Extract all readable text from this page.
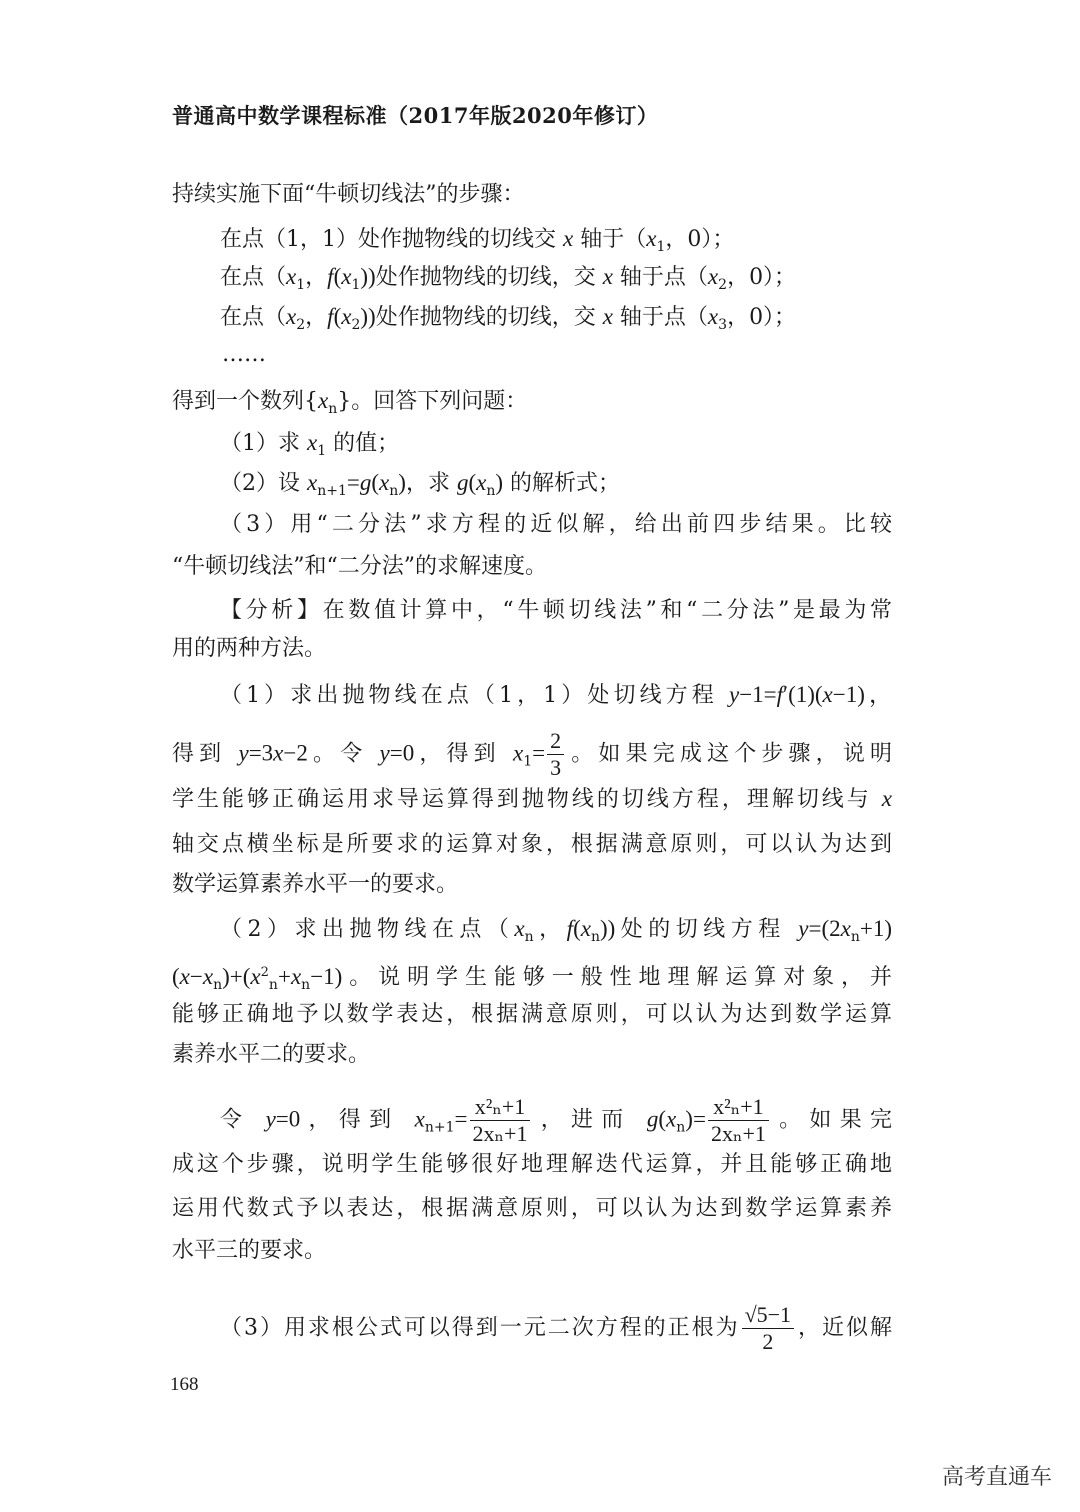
普通高中数学课程标准（2017年版2020年修订）
持续实施下面“牛顿切线法”的步骤：
在点（1，1）处作抛物线的切线交 x 轴于（$x_1$，0）；
在点（$x_1$，$f(x_1)$)处作抛物线的切线，交 x 轴于点（$x_2$，0）；
在点（$x_2$，$f(x_2)$)处作抛物线的切线，交 x 轴于点（$x_3$，0）；
……
得到一个数列$\{x_n\}$。回答下列问题：
（1）求 $x_1$ 的值；
（2）设 $x_{n+1}=g(x_n)$，求 $g(x_n)$ 的解析式；
（3）用“二分法”求方程的近似解，给出前四步结果。比较
“牛顿切线法”和“二分法”的求解速度。
【分析】在数值计算中，“牛顿切线法”和“二分法”是最为常
用的两种方法。
（1）求出抛物线在点（1，1）处切线方程 y−1=f′(1)(x−1)，
得到 y=3x−2。令 y=0，得到 $x_1= \frac{2}{3}$ 。如果完成这个步骤，说明
学生能够正确运用求导运算得到抛物线的切线方程，理解切线与 x
轴交点横坐标是所要求的运算对象，根据满意原则，可以认为达到
数学运算素养水平一的要求。
（2）求出抛物线在点（$x_n$，$f(x_n)$)处的切线方程 $y=(2x_n+1)$
$(x-x_n)+(x^2_n+x_n-1)$。说明学生能够一般性地理解运算对象，并
能够正确地予以数学表达，根据满意原则，可以认为达到数学运算
素养水平二的要求。
令 y=0，得到 $x_{n+1}= \frac{\text{x²ₙ+1}}{\text{2xₙ+1}}$ ，进而 $g(x_n)= \frac{\text{x²ₙ+1}}{\text{2xₙ+1}}$ 。如果完
成这个步骤，说明学生能够很好地理解迭代运算，并且能够正确地
运用代数式予以表达，根据满意原则，可以认为达到数学运算素养
水平三的要求。
（3）用求根公式可以得到一元二次方程的正根为 $\frac{√5-1}{2}$ ，近似解
168
高考直通车
